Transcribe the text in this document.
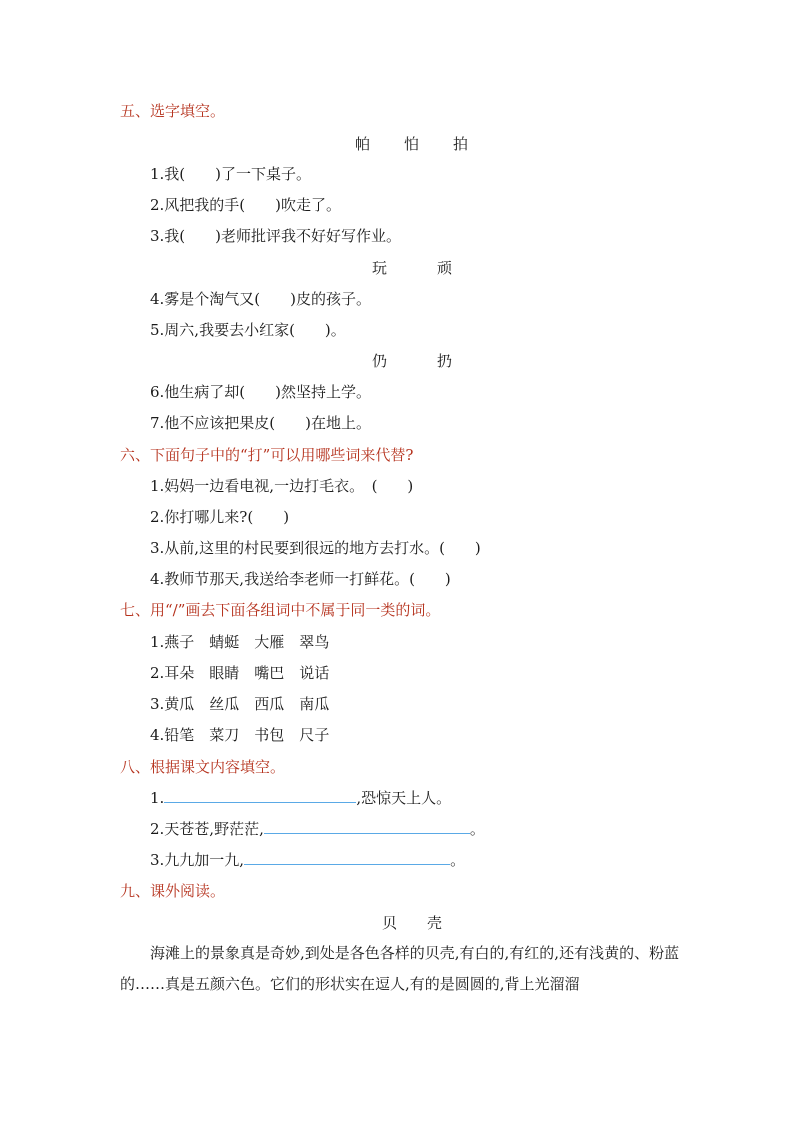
五、选字填空。
帕 怕 拍
1.我(　　)了一下桌子。
2.风把我的手(　　)吹走了。
3.我(　　)老师批评我不好好写作业。
玩	顽
4.雾是个淘气又(　　)皮的孩子。
5.周六,我要去小红家(　　)。
仍	扔
6.他生病了却(　　)然坚持上学。
7.他不应该把果皮(　　)在地上。
六、下面句子中的“打”可以用哪些词来代替?
1.妈妈一边看电视,一边打毛衣。　(　　)
2.你打哪儿来?(　　)
3.从前,这里的村民要到很远的地方去打水。(　　)
4.教师节那天,我送给李老师一打鲜花。(　　)
七、用“/”画去下面各组词中不属于同一类的词。
1.燕子　蜻蜓　大雁　翠鸟
2.耳朵　眼睛　嘴巴　说话
3.黄瓜　丝瓜　西瓜　南瓜
4.铅笔　菜刀　书包　尺子
八、根据课文内容填空。
1.	,恐惊天上人。
2.天苍苍,野茫茫,	。
3.九九加一九,	。
九、课外阅读。
贝　　壳
海滩上的景象真是奇妙,到处是各色各样的贝壳,有白的,有红的,还有浅黄的、粉蓝的……真是五颜六色。它们的形状实在逗人,有的是圆圆的,背上光溜溜
